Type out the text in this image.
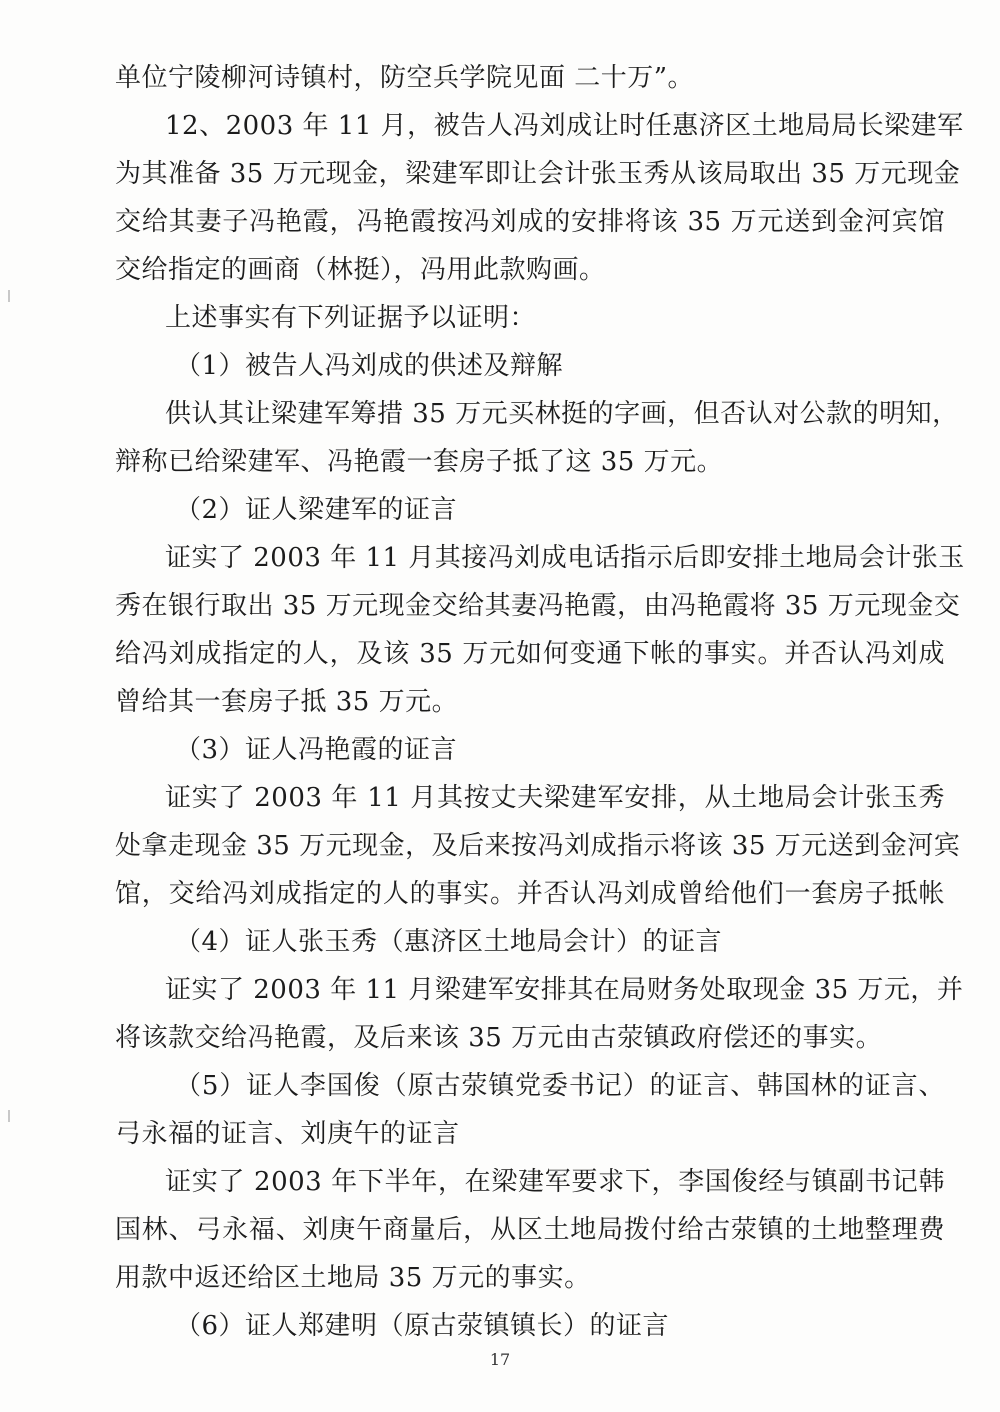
单位宁陵柳河诗镇村，防空兵学院见面 二十万”。
12、2003 年 11 月，被告人冯刘成让时任惠济区土地局局长梁建军
为其准备 35 万元现金，梁建军即让会计张玉秀从该局取出 35 万元现金
交给其妻子冯艳霞，冯艳霞按冯刘成的安排将该 35 万元送到金河宾馆
交给指定的画商（林挺），冯用此款购画。
上述事实有下列证据予以证明：
（1）被告人冯刘成的供述及辩解
供认其让梁建军筹措 35 万元买林挺的字画，但否认对公款的明知，
辩称已给梁建军、冯艳霞一套房子抵了这 35 万元。
（2）证人梁建军的证言
证实了 2003 年 11 月其接冯刘成电话指示后即安排土地局会计张玉
秀在银行取出 35 万元现金交给其妻冯艳霞，由冯艳霞将 35 万元现金交
给冯刘成指定的人，及该 35 万元如何变通下帐的事实。并否认冯刘成
曾给其一套房子抵 35 万元。
（3）证人冯艳霞的证言
证实了 2003 年 11 月其按丈夫梁建军安排，从土地局会计张玉秀
处拿走现金 35 万元现金，及后来按冯刘成指示将该 35 万元送到金河宾
馆，交给冯刘成指定的人的事实。并否认冯刘成曾给他们一套房子抵帐
（4）证人张玉秀（惠济区土地局会计）的证言
证实了 2003 年 11 月梁建军安排其在局财务处取现金 35 万元，并
将该款交给冯艳霞，及后来该 35 万元由古荥镇政府偿还的事实。
（5）证人李国俊（原古荥镇党委书记）的证言、韩国林的证言、
弓永福的证言、刘庚午的证言
证实了 2003 年下半年，在梁建军要求下，李国俊经与镇副书记韩
国林、弓永福、刘庚午商量后，从区土地局拨付给古荥镇的土地整理费
用款中返还给区土地局 35 万元的事实。
（6）证人郑建明（原古荥镇镇长）的证言
17
